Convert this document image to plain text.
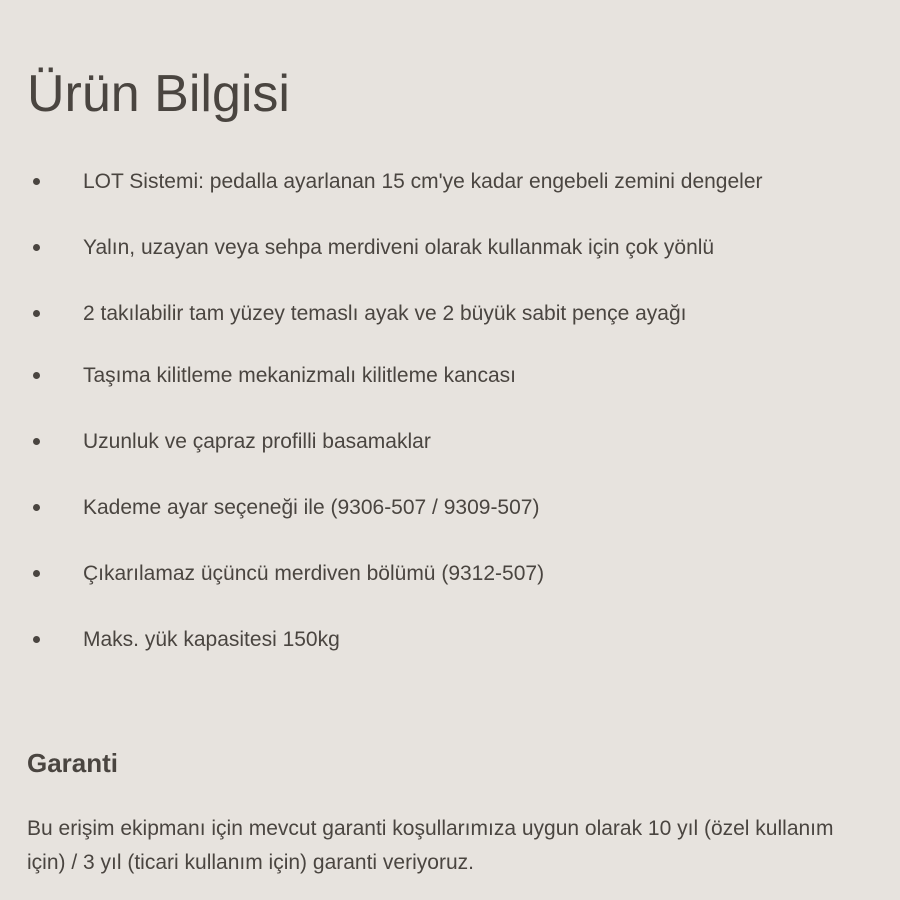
Ürün Bilgisi
LOT Sistemi: pedalla ayarlanan 15 cm'ye kadar engebeli zemini dengeler
Yalın, uzayan veya sehpa merdiveni olarak kullanmak için çok yönlü
2 takılabilir tam yüzey temaslı ayak ve 2 büyük sabit pençe ayağı
Taşıma kilitleme mekanizmalı kilitleme kancası
Uzunluk ve çapraz profilli basamaklar
Kademe ayar seçeneği ile (9306-507 / 9309-507)
Çıkarılamaz üçüncü merdiven bölümü (9312-507)
Maks. yük kapasitesi 150kg
Garanti

Bu erişim ekipmanı için mevcut garanti koşullarımıza uygun olarak 10 yıl (özel kullanım için) / 3 yıl (ticari kullanım için) garanti veriyoruz.
